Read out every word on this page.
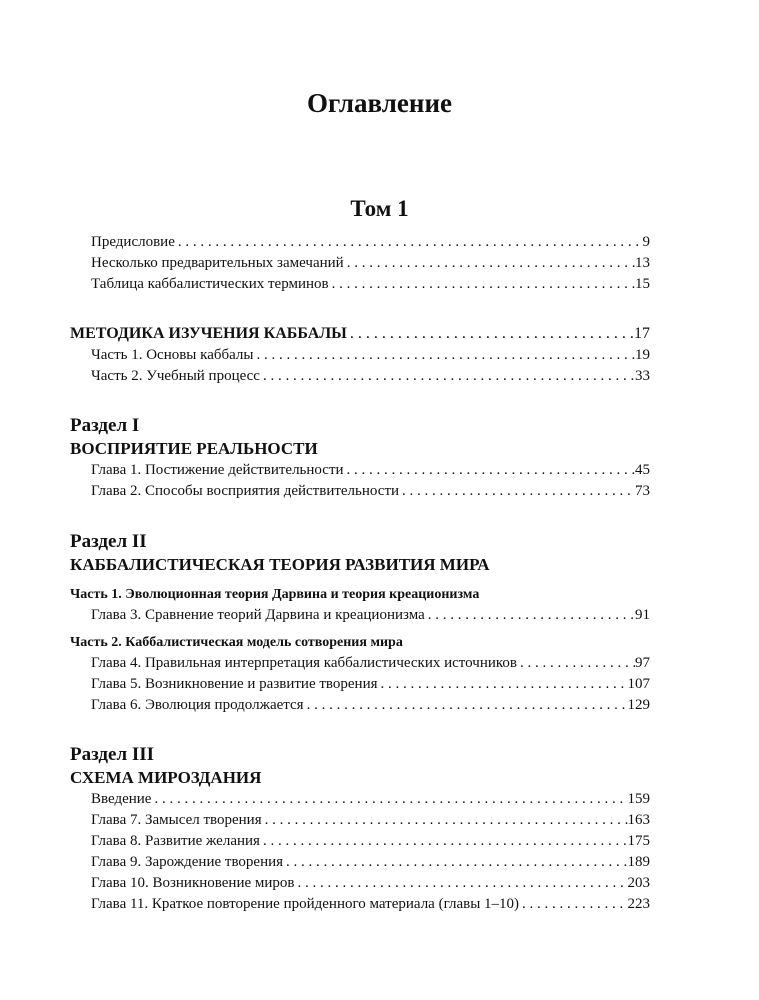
Оглавление
Том 1
Предисловие . . .	9
Несколько предварительных замечаний . . .	13
Таблица каббалистических терминов . . .	15
МЕТОДИКА ИЗУЧЕНИЯ КАББАЛЫ . . .	17
Часть 1. Основы каббалы . . .	19
Часть 2. Учебный процесс . . .	33
Раздел I
ВОСПРИЯТИЕ РЕАЛЬНОСТИ
Глава 1. Постижение действительности . . .	45
Глава 2. Способы восприятия действительности . . .	73
Раздел II
КАББАЛИСТИЧЕСКАЯ ТЕОРИЯ РАЗВИТИЯ МИРА
Часть 1. Эволюционная теория Дарвина и теория креационизма
Глава 3. Сравнение теорий Дарвина и креационизма . . .	91
Часть 2. Каббалистическая модель сотворения мира
Глава 4. Правильная интерпретация каббалистических источников . . .	97
Глава 5. Возникновение и развитие творения . . .	107
Глава 6. Эволюция продолжается . . .	129
Раздел III
СХЕМА МИРОЗДАНИЯ
Введение . . .	159
Глава 7. Замысел творения . . .	163
Глава 8. Развитие желания . . .	175
Глава 9. Зарождение творения . . .	189
Глава 10. Возникновение миров . . .	203
Глава 11. Краткое повторение пройденного материала (главы 1–10) . . .	223
